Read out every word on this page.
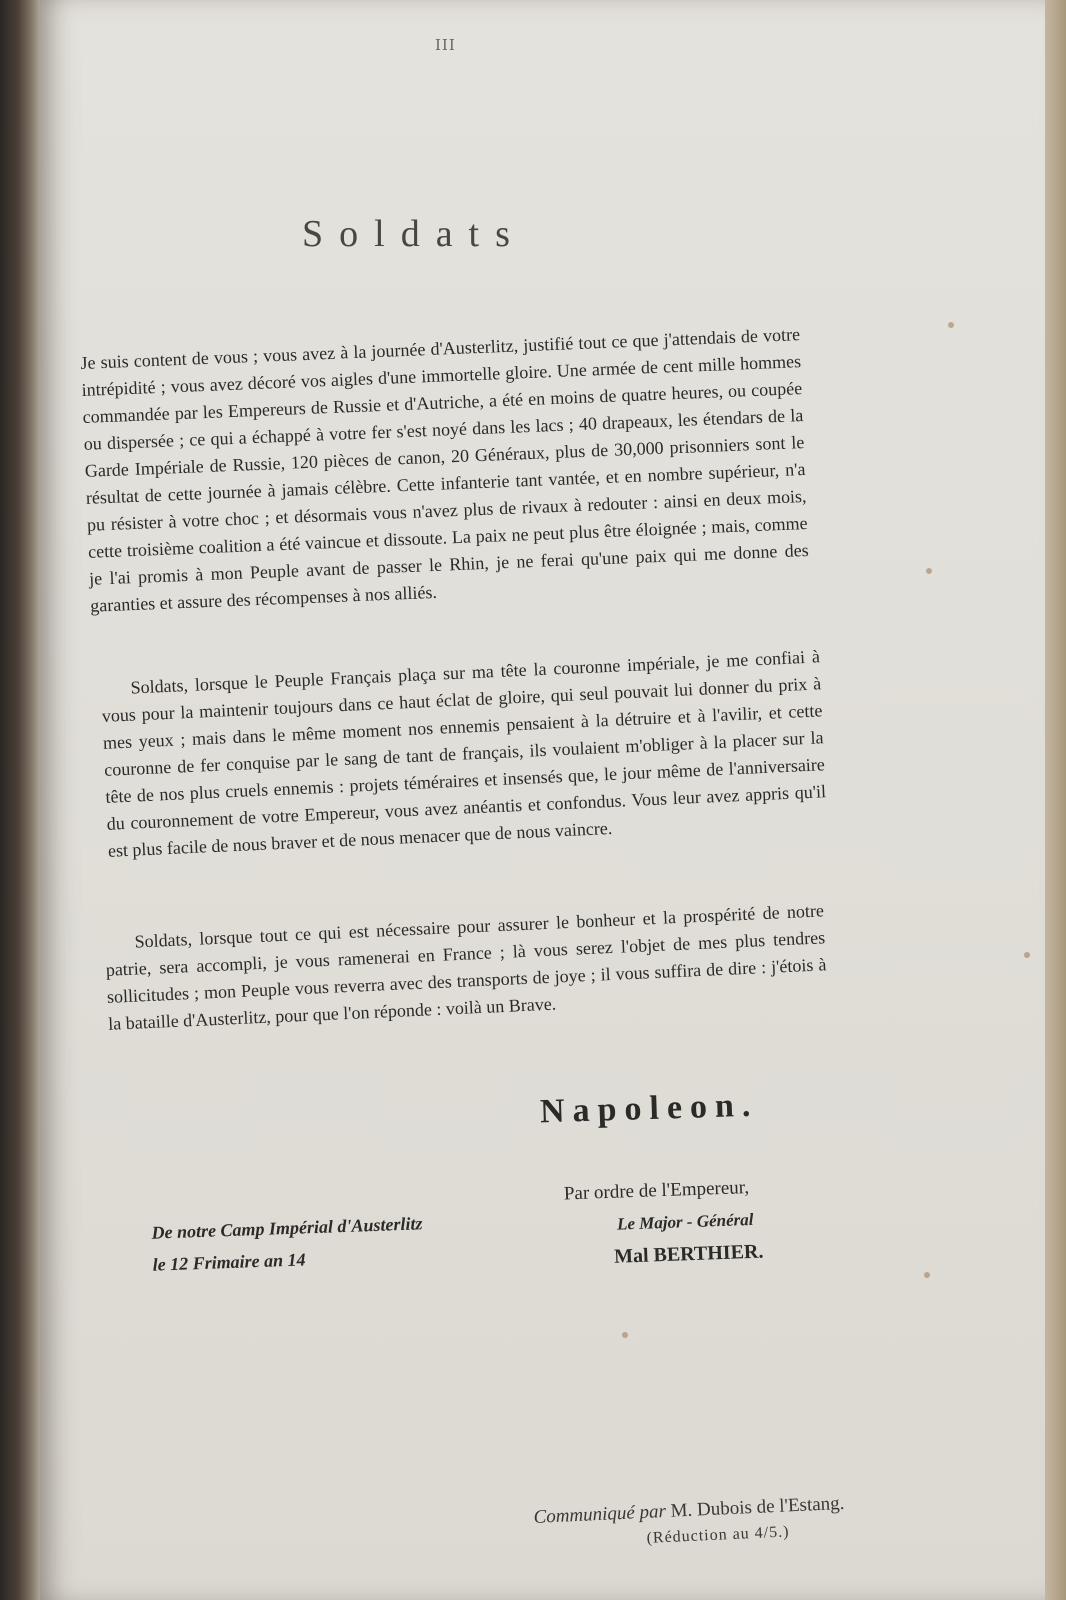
III
Soldats

Je suis content de vous ; vous avez à la journée d'Austerlitz, justifié tout ce que j'attendais de votre intrépidité ; vous avez décoré vos aigles d'une immortelle gloire. Une armée de cent mille hommes commandée par les Empereurs de Russie et d'Autriche, a été en moins de quatre heures, ou coupée ou dispersée ; ce qui a échappé à votre fer s'est noyé dans les lacs ; 40 drapeaux, les étendars de la Garde Impériale de Russie, 120 pièces de canon, 20 Généraux, plus de 30,000 prisonniers sont le résultat de cette journée à jamais célèbre. Cette infanterie tant vantée, et en nombre supérieur, n'a pu résister à votre choc ; et désormais vous n'avez plus de rivaux à redouter : ainsi en deux mois, cette troisième coalition a été vaincue et dissoute. La paix ne peut plus être éloignée ; mais, comme je l'ai promis à mon Peuple avant de passer le Rhin, je ne ferai qu'une paix qui me donne des garanties et assure des récompenses à nos alliés.

Soldats, lorsque le Peuple Français plaça sur ma tête la couronne impériale, je me confiai à vous pour la maintenir toujours dans ce haut éclat de gloire, qui seul pouvait lui donner du prix à mes yeux ; mais dans le même moment nos ennemis pensaient à la détruire et à l'avilir, et cette couronne de fer conquise par le sang de tant de français, ils voulaient m'obliger à la placer sur la tête de nos plus cruels ennemis : projets téméraires et insensés que, le jour même de l'anniversaire du couronnement de votre Empereur, vous avez anéantis et confondus. Vous leur avez appris qu'il est plus facile de nous braver et de nous menacer que de nous vaincre.

Soldats, lorsque tout ce qui est nécessaire pour assurer le bonheur et la prospérité de notre patrie, sera accompli, je vous ramenerai en France ; là vous serez l'objet de mes plus tendres sollicitudes ; mon Peuple vous reverra avec des transports de joye ; il vous suffira de dire : j'étois à la bataille d'Austerlitz, pour que l'on réponde : voilà un Brave.

Napoleon.
De notre Camp Impérial d'Austerlitz
le 12 Frimaire an 14
Par ordre de l'Empereur,
Le Major - Général
Mal BERTHIER.
Communiqué par M. Dubois de l'Estang.
(Réduction au 4/5.)
